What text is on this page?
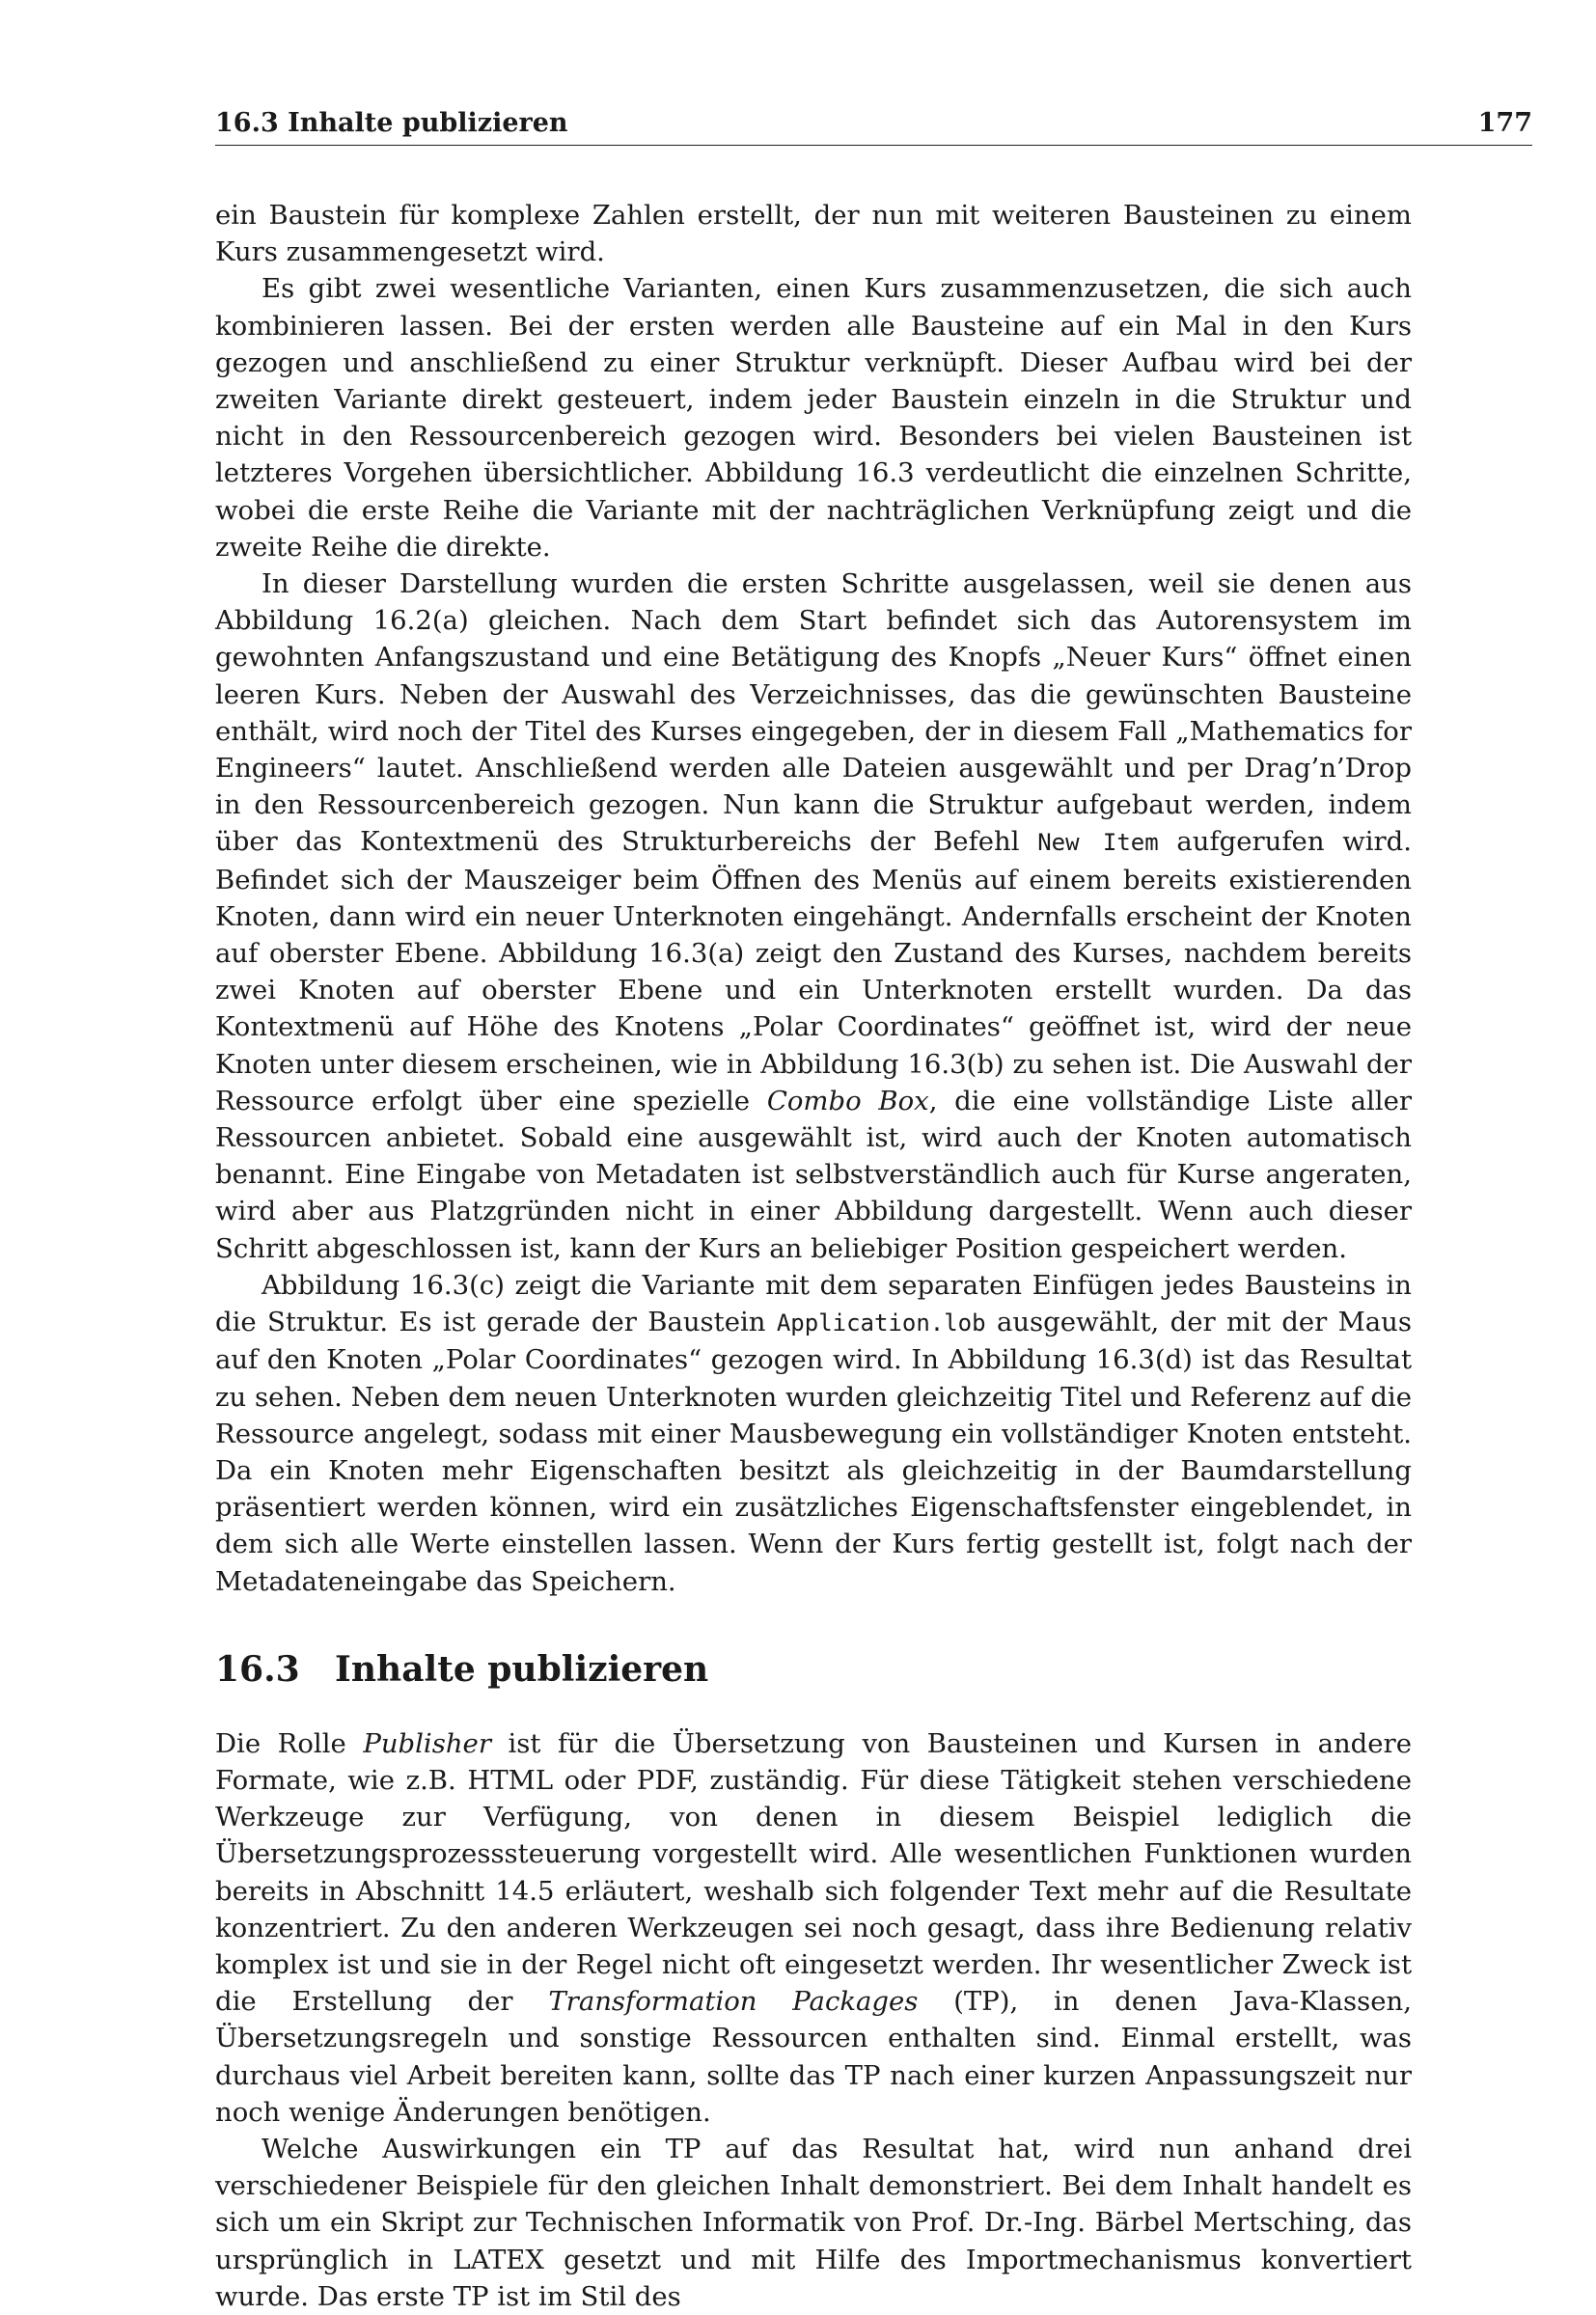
16.3 Inhalte publizieren	177

ein Baustein für komplexe Zahlen erstellt, der nun mit weiteren Bausteinen zu einem Kurs zusammengesetzt wird.

Es gibt zwei wesentliche Varianten, einen Kurs zusammenzusetzen, die sich auch kombinieren lassen. Bei der ersten werden alle Bausteine auf ein Mal in den Kurs gezogen und anschließend zu einer Struktur verknüpft. Dieser Aufbau wird bei der zweiten Variante direkt gesteuert, indem jeder Baustein einzeln in die Struktur und nicht in den Ressourcenbereich gezogen wird. Besonders bei vielen Bausteinen ist letzteres Vorgehen übersichtlicher. Abbildung 16.3 verdeutlicht die einzelnen Schritte, wobei die erste Reihe die Variante mit der nachträglichen Verknüpfung zeigt und die zweite Reihe die direkte.

In dieser Darstellung wurden die ersten Schritte ausgelassen, weil sie denen aus Abbildung 16.2(a) gleichen. Nach dem Start befindet sich das Autorensystem im gewohnten Anfangszustand und eine Betätigung des Knopfs „Neuer Kurs“ öffnet einen leeren Kurs. Neben der Auswahl des Verzeichnisses, das die gewünschten Bausteine enthält, wird noch der Titel des Kurses eingegeben, der in diesem Fall „Mathematics for Engineers“ lautet. Anschließend werden alle Dateien ausgewählt und per Drag’n’Drop in den Ressourcenbereich gezogen. Nun kann die Struktur aufgebaut werden, indem über das Kontextmenü des Strukturbereichs der Befehl New Item aufgerufen wird. Befindet sich der Mauszeiger beim Öffnen des Menüs auf einem bereits existierenden Knoten, dann wird ein neuer Unterknoten eingehängt. Andernfalls erscheint der Knoten auf oberster Ebene. Abbildung 16.3(a) zeigt den Zustand des Kurses, nachdem bereits zwei Knoten auf oberster Ebene und ein Unterknoten erstellt wurden. Da das Kontextmenü auf Höhe des Knotens „Polar Coordinates“ geöffnet ist, wird der neue Knoten unter diesem erscheinen, wie in Abbildung 16.3(b) zu sehen ist. Die Auswahl der Ressource erfolgt über eine spezielle Combo Box, die eine vollständige Liste aller Ressourcen anbietet. Sobald eine ausgewählt ist, wird auch der Knoten automatisch benannt. Eine Eingabe von Metadaten ist selbstverständlich auch für Kurse angeraten, wird aber aus Platzgründen nicht in einer Abbildung dargestellt. Wenn auch dieser Schritt abgeschlossen ist, kann der Kurs an beliebiger Position gespeichert werden.

Abbildung 16.3(c) zeigt die Variante mit dem separaten Einfügen jedes Bausteins in die Struktur. Es ist gerade der Baustein Application.lob ausgewählt, der mit der Maus auf den Knoten „Polar Coordinates“ gezogen wird. In Abbildung 16.3(d) ist das Resultat zu sehen. Neben dem neuen Unterknoten wurden gleichzeitig Titel und Referenz auf die Ressource angelegt, sodass mit einer Mausbewegung ein vollständiger Knoten entsteht. Da ein Knoten mehr Eigenschaften besitzt als gleichzeitig in der Baumdarstellung präsentiert werden können, wird ein zusätzliches Eigenschaftsfenster eingeblendet, in dem sich alle Werte einstellen lassen. Wenn der Kurs fertig gestellt ist, folgt nach der Metadateneingabe das Speichern.

16.3 Inhalte publizieren

Die Rolle Publisher ist für die Übersetzung von Bausteinen und Kursen in andere Formate, wie z.B. HTML oder PDF, zuständig. Für diese Tätigkeit stehen verschiedene Werkzeuge zur Verfügung, von denen in diesem Beispiel lediglich die Übersetzungsprozesssteuerung vorgestellt wird. Alle wesentlichen Funktionen wurden bereits in Abschnitt 14.5 erläutert, weshalb sich folgender Text mehr auf die Resultate konzentriert. Zu den anderen Werkzeugen sei noch gesagt, dass ihre Bedienung relativ komplex ist und sie in der Regel nicht oft eingesetzt werden. Ihr wesentlicher Zweck ist die Erstellung der Transformation Packages (TP), in denen Java-Klassen, Übersetzungsregeln und sonstige Ressourcen enthalten sind. Einmal erstellt, was durchaus viel Arbeit bereiten kann, sollte das TP nach einer kurzen Anpassungszeit nur noch wenige Änderungen benötigen.

Welche Auswirkungen ein TP auf das Resultat hat, wird nun anhand drei verschiedener Beispiele für den gleichen Inhalt demonstriert. Bei dem Inhalt handelt es sich um ein Skript zur Technischen Informatik von Prof. Dr.-Ing. Bärbel Mertsching, das ursprünglich in LATEX gesetzt und mit Hilfe des Importmechanismus konvertiert wurde. Das erste TP ist im Stil des
